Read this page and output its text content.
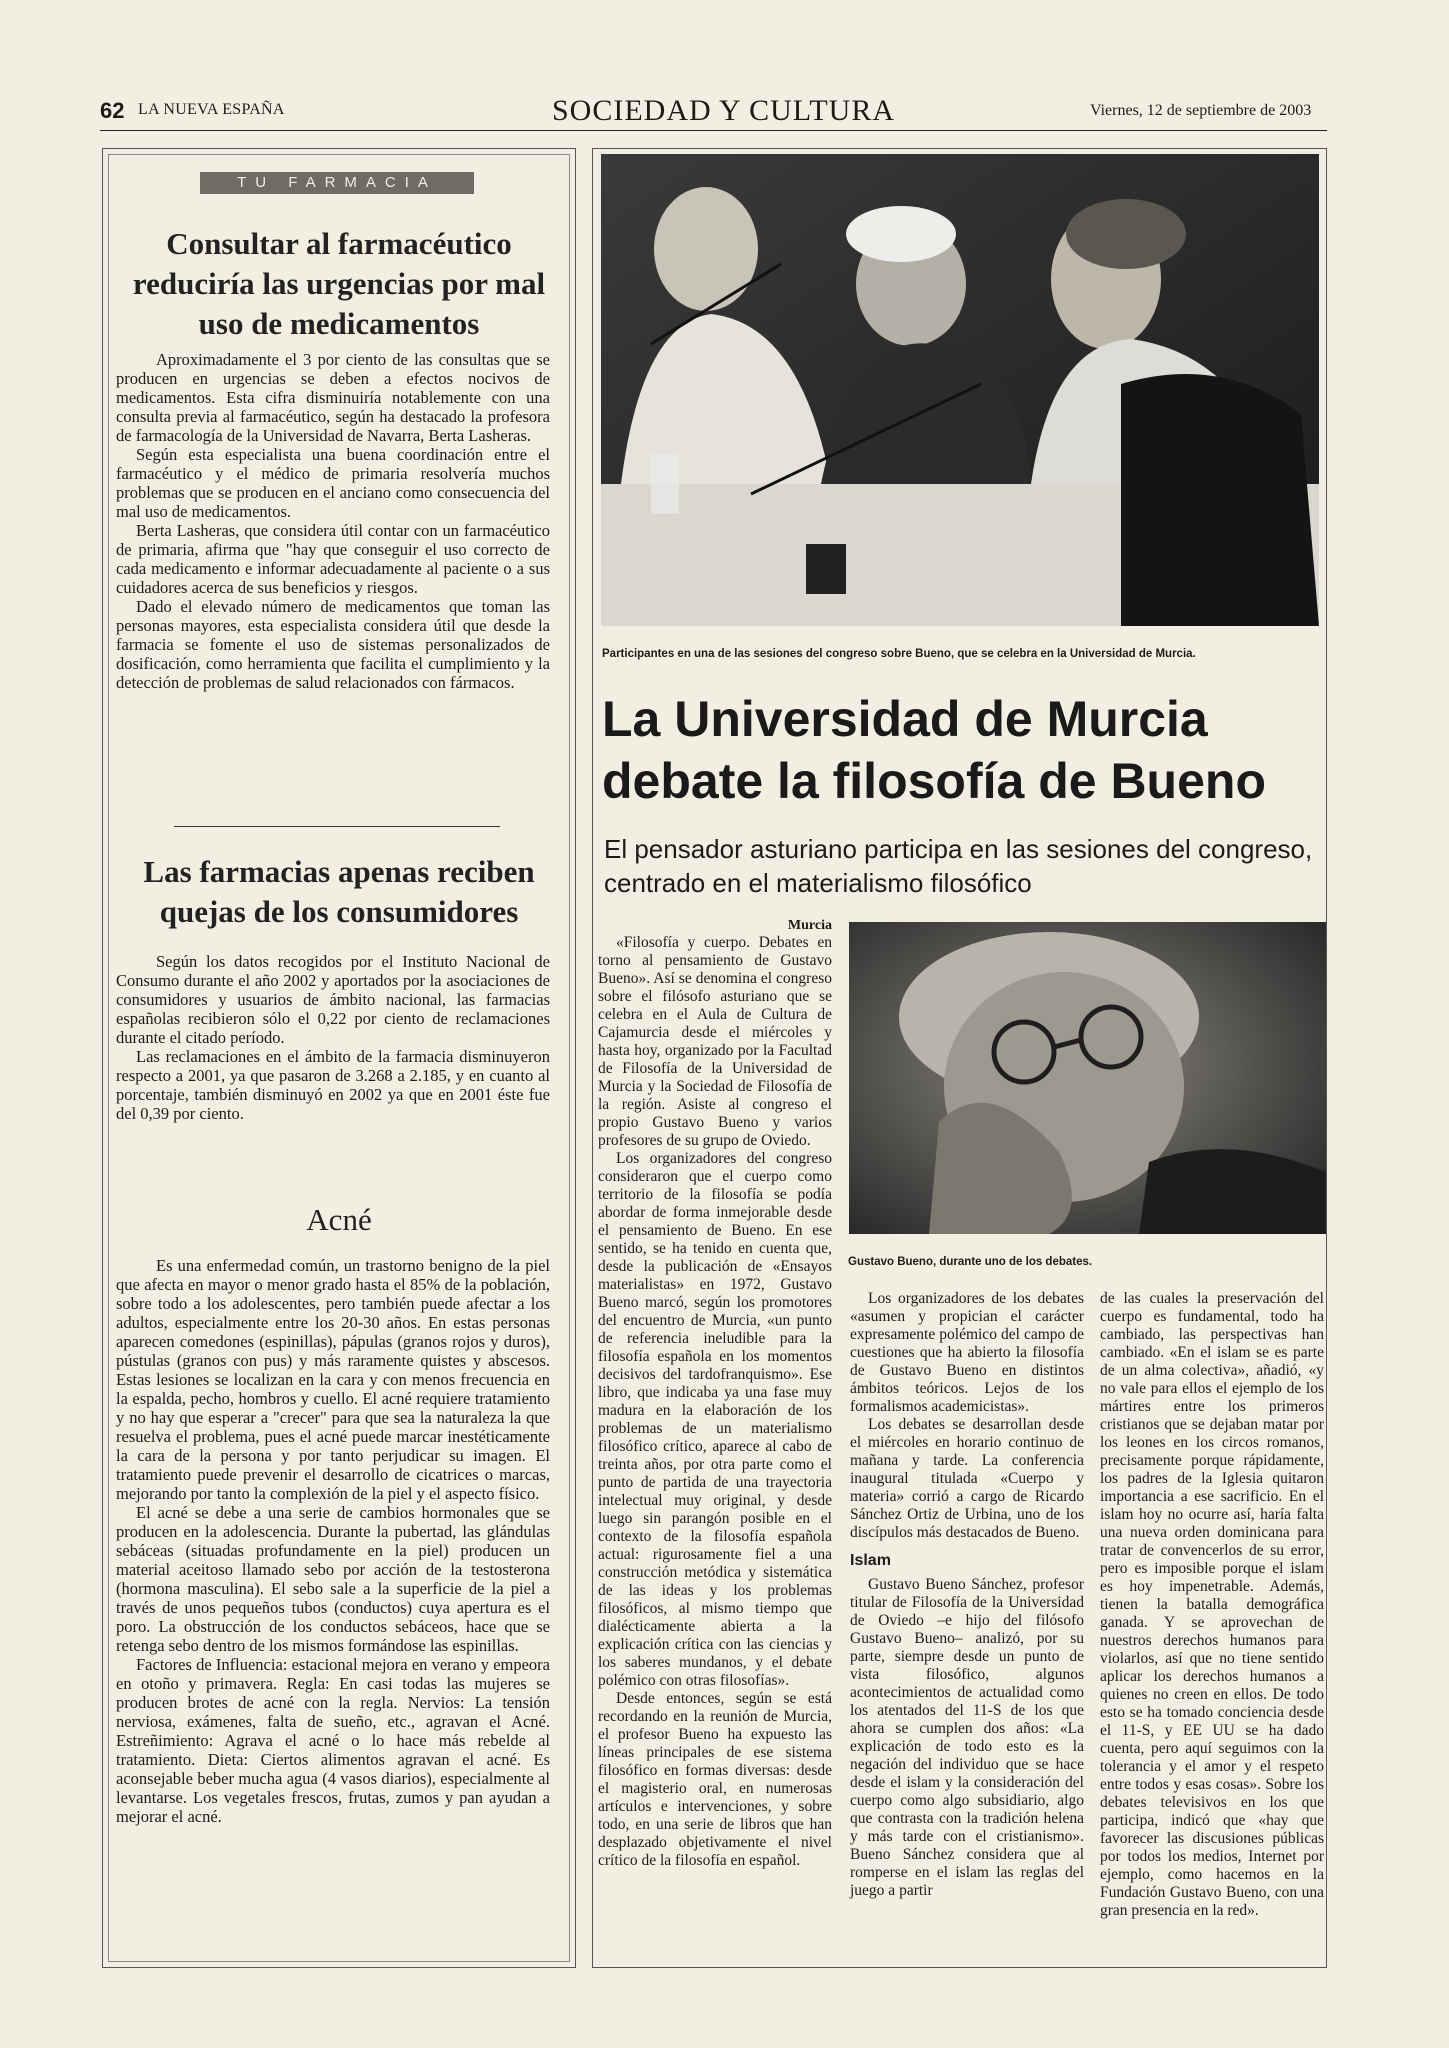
62 LA NUEVA ESPAÑA	SOCIEDAD Y CULTURA	Viernes, 12 de septiembre de 2003
TU FARMACIA
Consultar al farmacéutico reduciría las urgencias por mal uso de medicamentos

Aproximadamente el 3 por ciento de las consultas que se producen en urgencias se deben a efectos nocivos de medicamentos. Esta cifra disminuiría notablemente con una consulta previa al farmacéutico, según ha destacado la profesora de farmacología de la Universidad de Navarra, Berta Lasheras.

Según esta especialista una buena coordinación entre el farmacéutico y el médico de primaria resolvería muchos problemas que se producen en el anciano como consecuencia del mal uso de medicamentos.

Berta Lasheras, que considera útil contar con un farmacéutico de primaria, afirma que "hay que conseguir el uso correcto de cada medicamento e informar adecuadamente al paciente o a sus cuidadores acerca de sus beneficios y riesgos.

Dado el elevado número de medicamentos que toman las personas mayores, esta especialista considera útil que desde la farmacia se fomente el uso de sistemas personalizados de dosificación, como herramienta que facilita el cumplimiento y la detección de problemas de salud relacionados con fármacos.

Las farmacias apenas reciben quejas de los consumidores

Según los datos recogidos por el Instituto Nacional de Consumo durante el año 2002 y aportados por la asociaciones de consumidores y usuarios de ámbito nacional, las farmacias españolas recibieron sólo el 0,22 por ciento de reclamaciones durante el citado período.

Las reclamaciones en el ámbito de la farmacia disminuyeron respecto a 2001, ya que pasaron de 3.268 a 2.185, y en cuanto al porcentaje, también disminuyó en 2002 ya que en 2001 éste fue del 0,39 por ciento.

Acné

Es una enfermedad común, un trastorno benigno de la piel que afecta en mayor o menor grado hasta el 85% de la población, sobre todo a los adolescentes, pero también puede afectar a los adultos, especialmente entre los 20-30 años. En estas personas aparecen comedones (espinillas), pápulas (granos rojos y duros), pústulas (granos con pus) y más raramente quistes y abscesos. Estas lesiones se localizan en la cara y con menos frecuencia en la espalda, pecho, hombros y cuello. El acné requiere tratamiento y no hay que esperar a "crecer" para que sea la naturaleza la que resuelva el problema, pues el acné puede marcar inestéticamente la cara de la persona y por tanto perjudicar su imagen. El tratamiento puede prevenir el desarrollo de cicatrices o marcas, mejorando por tanto la complexión de la piel y el aspecto físico.

El acné se debe a una serie de cambios hormonales que se producen en la adolescencia. Durante la pubertad, las glándulas sebáceas (situadas profundamente en la piel) producen un material aceitoso llamado sebo por acción de la testosterona (hormona masculina). El sebo sale a la superficie de la piel a través de unos pequeños tubos (conductos) cuya apertura es el poro. La obstrucción de los conductos sebáceos, hace que se retenga sebo dentro de los mismos formándose las espinillas.

Factores de Influencia: estacional mejora en verano y empeora en otoño y primavera. Regla: En casi todas las mujeres se producen brotes de acné con la regla. Nervios: La tensión nerviosa, exámenes, falta de sueño, etc., agravan el Acné. Estreñimiento: Agrava el acné o lo hace más rebelde al tratamiento. Dieta: Ciertos alimentos agravan el acné. Es aconsejable beber mucha agua (4 vasos diarios), especialmente al levantarse. Los vegetales frescos, frutas, zumos y pan ayudan a mejorar el acné.

Participantes en una de las sesiones del congreso sobre Bueno, que se celebra en la Universidad de Murcia.
La Universidad de Murcia debate la filosofía de Bueno
El pensador asturiano participa en las sesiones del congreso, centrado en el materialismo filosófico
Gustavo Bueno, durante uno de los debates.
Murcia

«Filosofía y cuerpo. Debates en torno al pensamiento de Gustavo Bueno». Así se denomina el congreso sobre el filósofo asturiano que se celebra en el Aula de Cultura de Cajamurcia desde el miércoles y hasta hoy, organizado por la Facultad de Filosofía de la Universidad de Murcia y la Sociedad de Filosofía de la región. Asiste al congreso el propio Gustavo Bueno y varios profesores de su grupo de Oviedo.

Los organizadores del congreso consideraron que el cuerpo como territorio de la filosofía se podía abordar de forma inmejorable desde el pensamiento de Bueno. En ese sentido, se ha tenido en cuenta que, desde la publicación de «Ensayos materialistas» en 1972, Gustavo Bueno marcó, según los promotores del encuentro de Murcia, «un punto de referencia ineludible para la filosofía española en los momentos decisivos del tardofranquismo». Ese libro, que indicaba ya una fase muy madura en la elaboración de los problemas de un materialismo filosófico crítico, aparece al cabo de treinta años, por otra parte como el punto de partida de una trayectoria intelectual muy original, y desde luego sin parangón posible en el contexto de la filosofía española actual: rigurosamente fiel a una construcción metódica y sistemática de las ideas y los problemas filosóficos, al mismo tiempo que dialécticamente abierta a la explicación crítica con las ciencias y los saberes mundanos, y el debate polémico con otras filosofías».

Desde entonces, según se está recordando en la reunión de Murcia, el profesor Bueno ha expuesto las líneas principales de ese sistema filosófico en formas diversas: desde el magisterio oral, en numerosas artículos e intervenciones, y sobre todo, en una serie de libros que han desplazado objetivamente el nivel crítico de la filosofía en español.

Los organizadores de los debates «asumen y propician el carácter expresamente polémico del campo de cuestiones que ha abierto la filosofía de Gustavo Bueno en distintos ámbitos teóricos. Lejos de los formalismos academicistas».

Los debates se desarrollan desde el miércoles en horario continuo de mañana y tarde. La conferencia inaugural titulada «Cuerpo y materia» corrió a cargo de Ricardo Sánchez Ortiz de Urbina, uno de los discípulos más destacados de Bueno.

Islam

Gustavo Bueno Sánchez, profesor titular de Filosofía de la Universidad de Oviedo –e hijo del filósofo Gustavo Bueno– analizó, por su parte, siempre desde un punto de vista filosófico, algunos acontecimientos de actualidad como los atentados del 11-S de los que ahora se cumplen dos años: «La explicación de todo esto es la negación del individuo que se hace desde el islam y la consideración del cuerpo como algo subsidiario, algo que contrasta con la tradición helena y más tarde con el cristianismo». Bueno Sánchez considera que al romperse en el islam las reglas del juego a partir

de las cuales la preservación del cuerpo es fundamental, todo ha cambiado, las perspectivas han cambiado. «En el islam se es parte de un alma colectiva», añadió, «y no vale para ellos el ejemplo de los mártires entre los primeros cristianos que se dejaban matar por los leones en los circos romanos, precisamente porque rápidamente, los padres de la Iglesia quitaron importancia a ese sacrificio. En el islam hoy no ocurre así, haría falta una nueva orden dominicana para tratar de convencerlos de su error, pero es imposible porque el islam es hoy impenetrable. Además, tienen la batalla demográfica ganada. Y se aprovechan de nuestros derechos humanos para violarlos, así que no tiene sentido aplicar los derechos humanos a quienes no creen en ellos. De todo esto se ha tomado conciencia desde el 11-S, y EE UU se ha dado cuenta, pero aquí seguimos con la tolerancia y el amor y el respeto entre todos y esas cosas». Sobre los debates televisivos en los que participa, indicó que «hay que favorecer las discusiones públicas por todos los medios, Internet por ejemplo, como hacemos en la Fundación Gustavo Bueno, con una gran presencia en la red».
